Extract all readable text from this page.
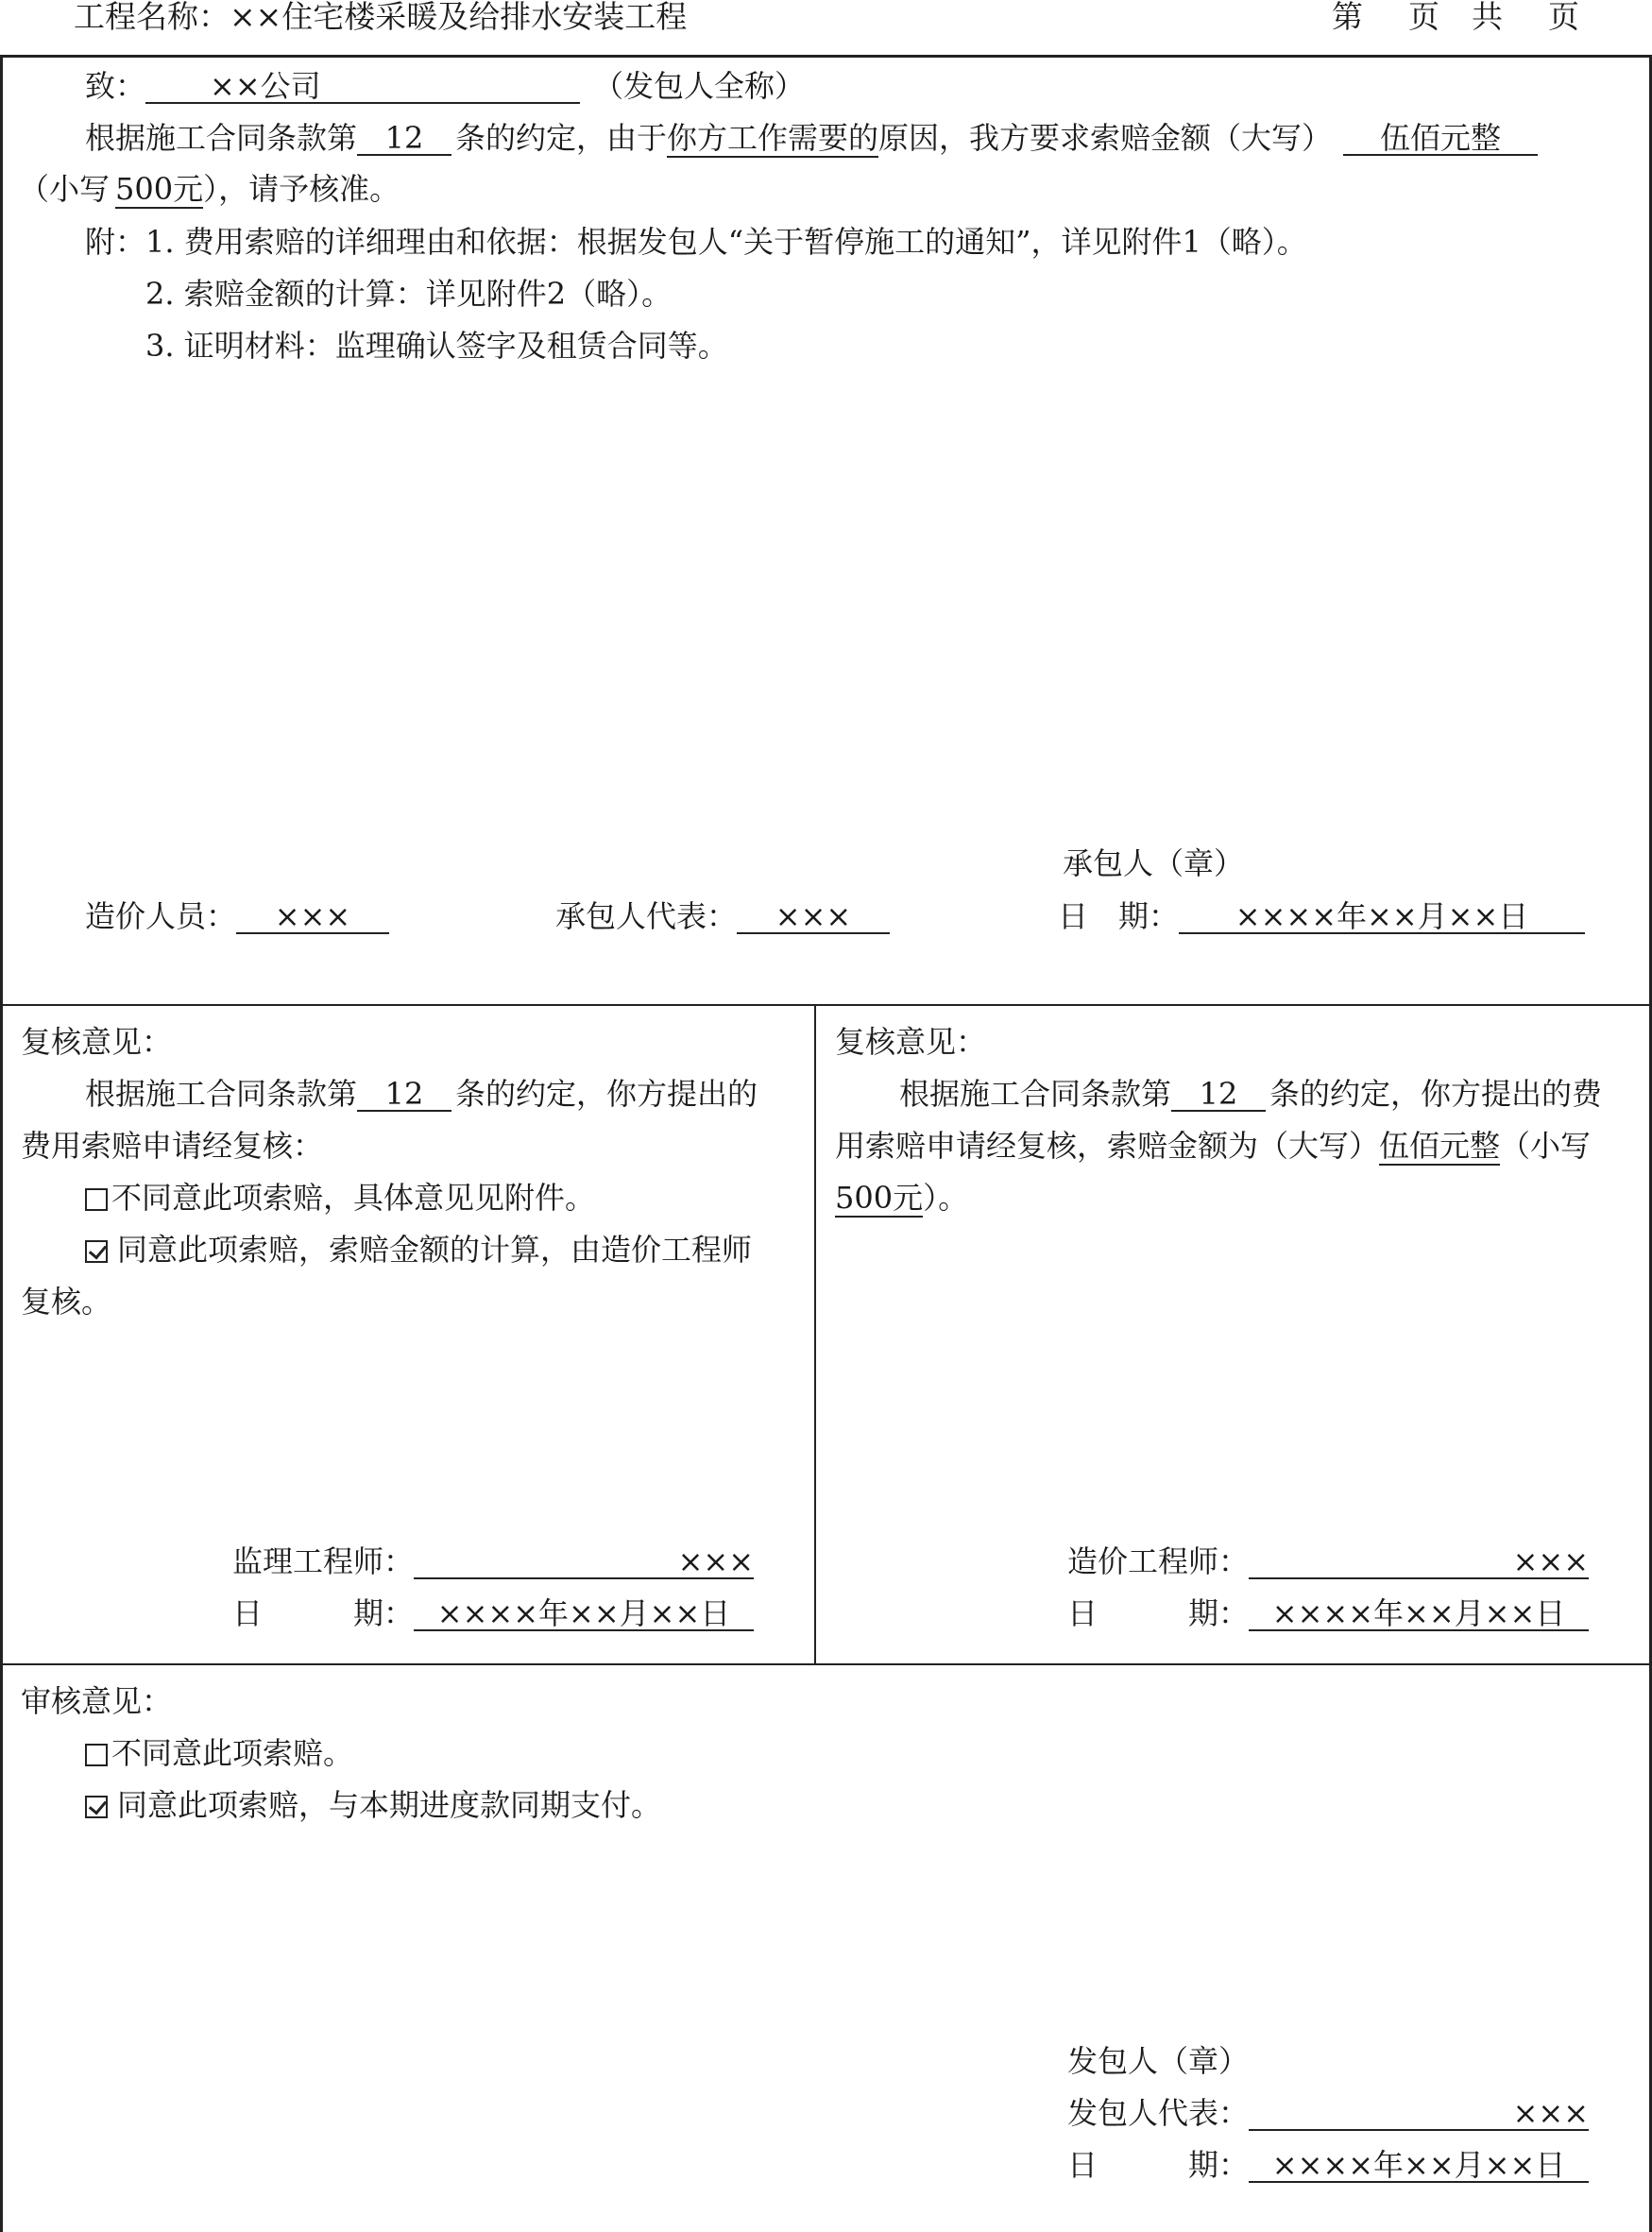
工程名称：××住宅楼采暖及给排水安装工程	第 页 共 页
致： ××公司	（发包人全称）
根据施工合同条款第 12 条的约定，由于你方工作需要的原因，我方要求索赔金额（大写） 伍佰元整
（小写 500元），请予核准。
附：1. 费用索赔的详细理由和依据：根据发包人“关于暂停施工的通知”，详见附件1（略）。
2. 索赔金额的计算：详见附件2（略）。
3. 证明材料：监理确认签字及租赁合同等。
承包人（章）
造价人员： ×××	承包人代表： ×××	日　期： ××××年××月××日
复核意见：
根据施工合同条款第 12 条的约定，你方提出的
费用索赔申请经复核：
不同意此项索赔，具体意见见附件。
同意此项索赔，索赔金额的计算，由造价工程师
复核。
监理工程师：	×××
日　　　期： ××××年××月××日
复核意见：
根据施工合同条款第 12 条的约定，你方提出的费
用索赔申请经复核，索赔金额为（大写）伍佰元整（小写
500元）。
造价工程师：	×××
日　　　期： ××××年××月××日
审核意见：
不同意此项索赔。
同意此项索赔，与本期进度款同期支付。
发包人（章）
发包人代表：	×××
日　　　期： ××××年××月××日
